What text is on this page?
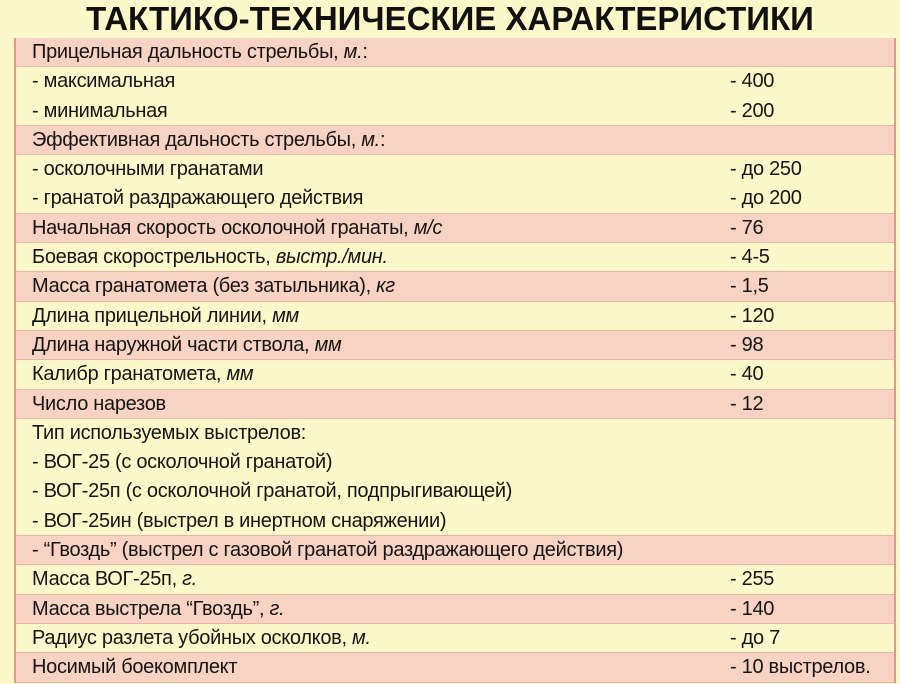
ТАКТИКО-ТЕХНИЧЕСКИЕ ХАРАКТЕРИСТИКИ
Прицельная дальность стрельбы, м.:
- максимальная	- 400
- минимальная	- 200
Эффективная дальность стрельбы, м.:
- осколочными гранатами	- до 250
- гранатой раздражающего действия	- до 200
Начальная скорость осколочной гранаты, м/с	- 76
Боевая скорострельность, выстр./мин.	- 4-5
Масса гранатомета (без затыльника), кг	- 1,5
Длина прицельной линии, мм	- 120
Длина наружной части ствола, мм	- 98
Калибр гранатомета, мм	- 40
Число нарезов	- 12
Тип используемых выстрелов:
- ВОГ-25 (с осколочной гранатой)
- ВОГ-25п (с осколочной гранатой, подпрыгивающей)
- ВОГ-25ин (выстрел в инертном снаряжении)
- “Гвоздь” (выстрел с газовой гранатой раздражающего действия)
Масса ВОГ-25п, г.	- 255
Масса выстрела “Гвоздь”, г.	- 140
Радиус разлета убойных осколков, м.	- до 7
Носимый боекомплект	- 10 выстрелов.
